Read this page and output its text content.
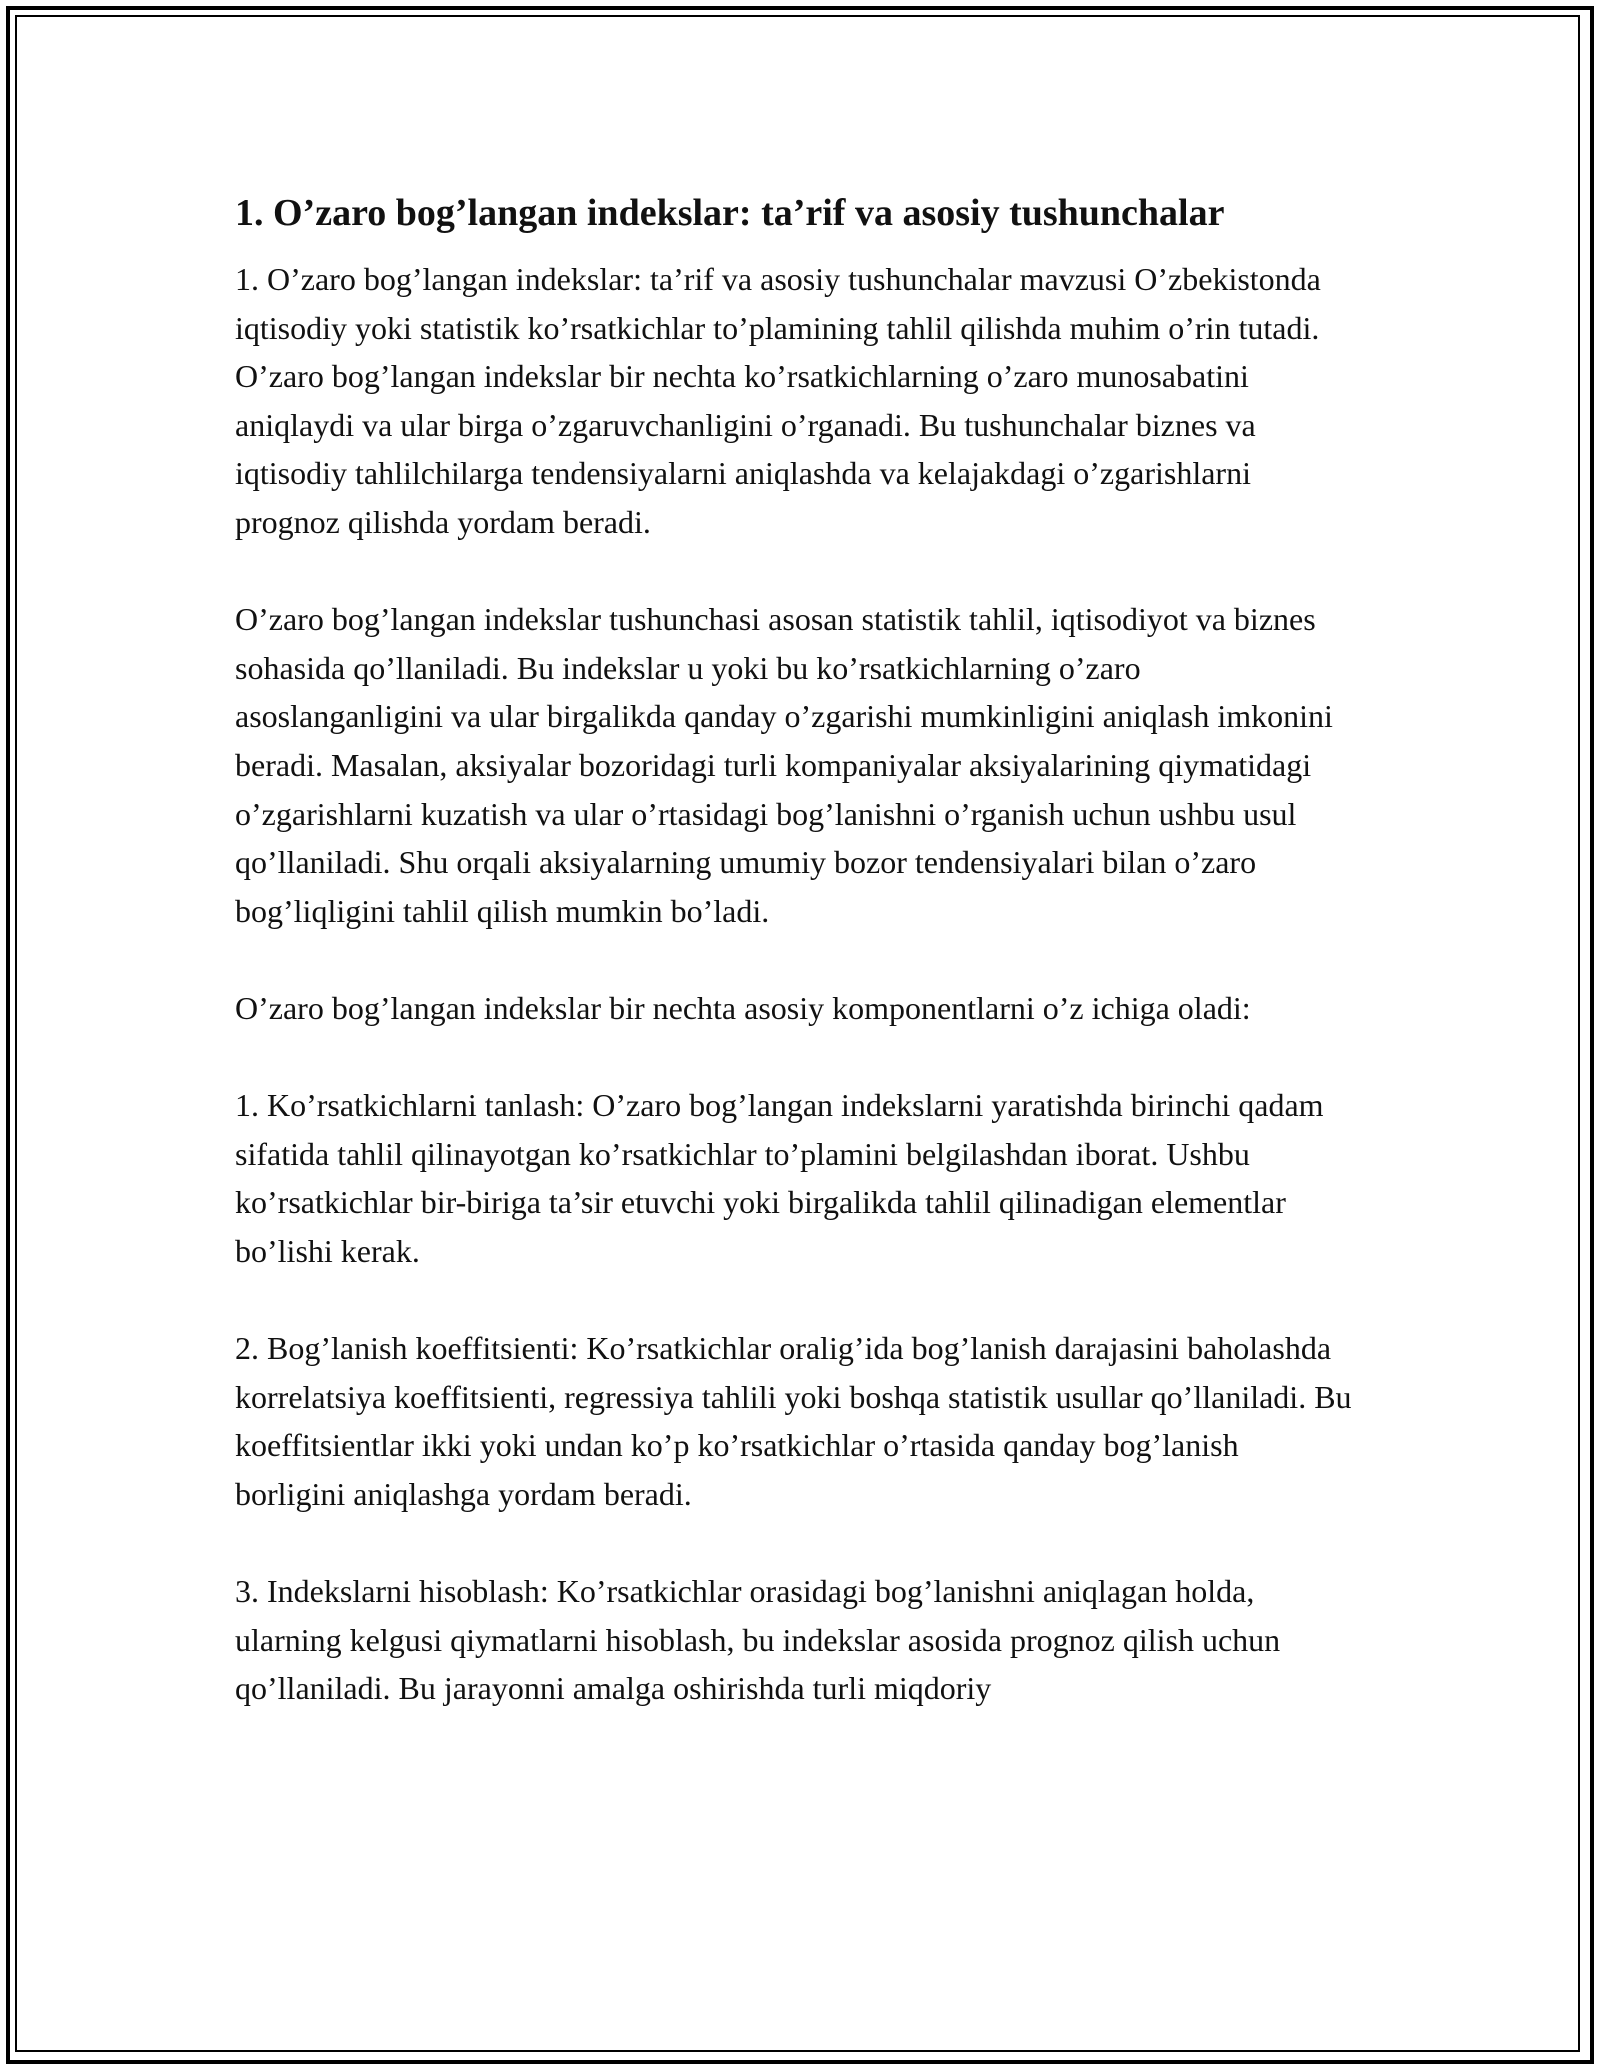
1. O’zaro bog’langan indekslar: ta’rif va asosiy tushunchalar

1. O’zaro bog’langan indekslar: ta’rif va asosiy tushunchalar mavzusi O’zbekistonda iqtisodiy yoki statistik ko’rsatkichlar to’plamining tahlil qilishda muhim o’rin tutadi. O’zaro bog’langan indekslar bir nechta ko’rsatkichlarning o’zaro munosabatini aniqlaydi va ular birga o’zgaruvchanligini o’rganadi. Bu tushunchalar biznes va iqtisodiy tahlilchilarga tendensiyalarni aniqlashda va kelajakdagi o’zgarishlarni prognoz qilishda yordam beradi.

O’zaro bog’langan indekslar tushunchasi asosan statistik tahlil, iqtisodiyot va biznes sohasida qo’llaniladi. Bu indekslar u yoki bu ko’rsatkichlarning o’zaro asoslanganligini va ular birgalikda qanday o’zgarishi mumkinligini aniqlash imkonini beradi. Masalan, aksiyalar bozoridagi turli kompaniyalar aksiyalarining qiymatidagi o’zgarishlarni kuzatish va ular o’rtasidagi bog’lanishni o’rganish uchun ushbu usul qo’llaniladi. Shu orqali aksiyalarning umumiy bozor tendensiyalari bilan o’zaro bog’liqligini tahlil qilish mumkin bo’ladi.

O’zaro bog’langan indekslar bir nechta asosiy komponentlarni o’z ichiga oladi:

1. Ko’rsatkichlarni tanlash: O’zaro bog’langan indekslarni yaratishda birinchi qadam sifatida tahlil qilinayotgan ko’rsatkichlar to’plamini belgilashdan iborat. Ushbu ko’rsatkichlar bir-biriga ta’sir etuvchi yoki birgalikda tahlil qilinadigan elementlar bo’lishi kerak.

2. Bog’lanish koeffitsienti: Ko’rsatkichlar oralig’ida bog’lanish darajasini baholashda korrelatsiya koeffitsienti, regressiya tahlili yoki boshqa statistik usullar qo’llaniladi. Bu koeffitsientlar ikki yoki undan ko’p ko’rsatkichlar o’rtasida qanday bog’lanish borligini aniqlashga yordam beradi.

3. Indekslarni hisoblash: Ko’rsatkichlar orasidagi bog’lanishni aniqlagan holda, ularning kelgusi qiymatlarni hisoblash, bu indekslar asosida prognoz qilish uchun qo’llaniladi. Bu jarayonni amalga oshirishda turli miqdoriy
